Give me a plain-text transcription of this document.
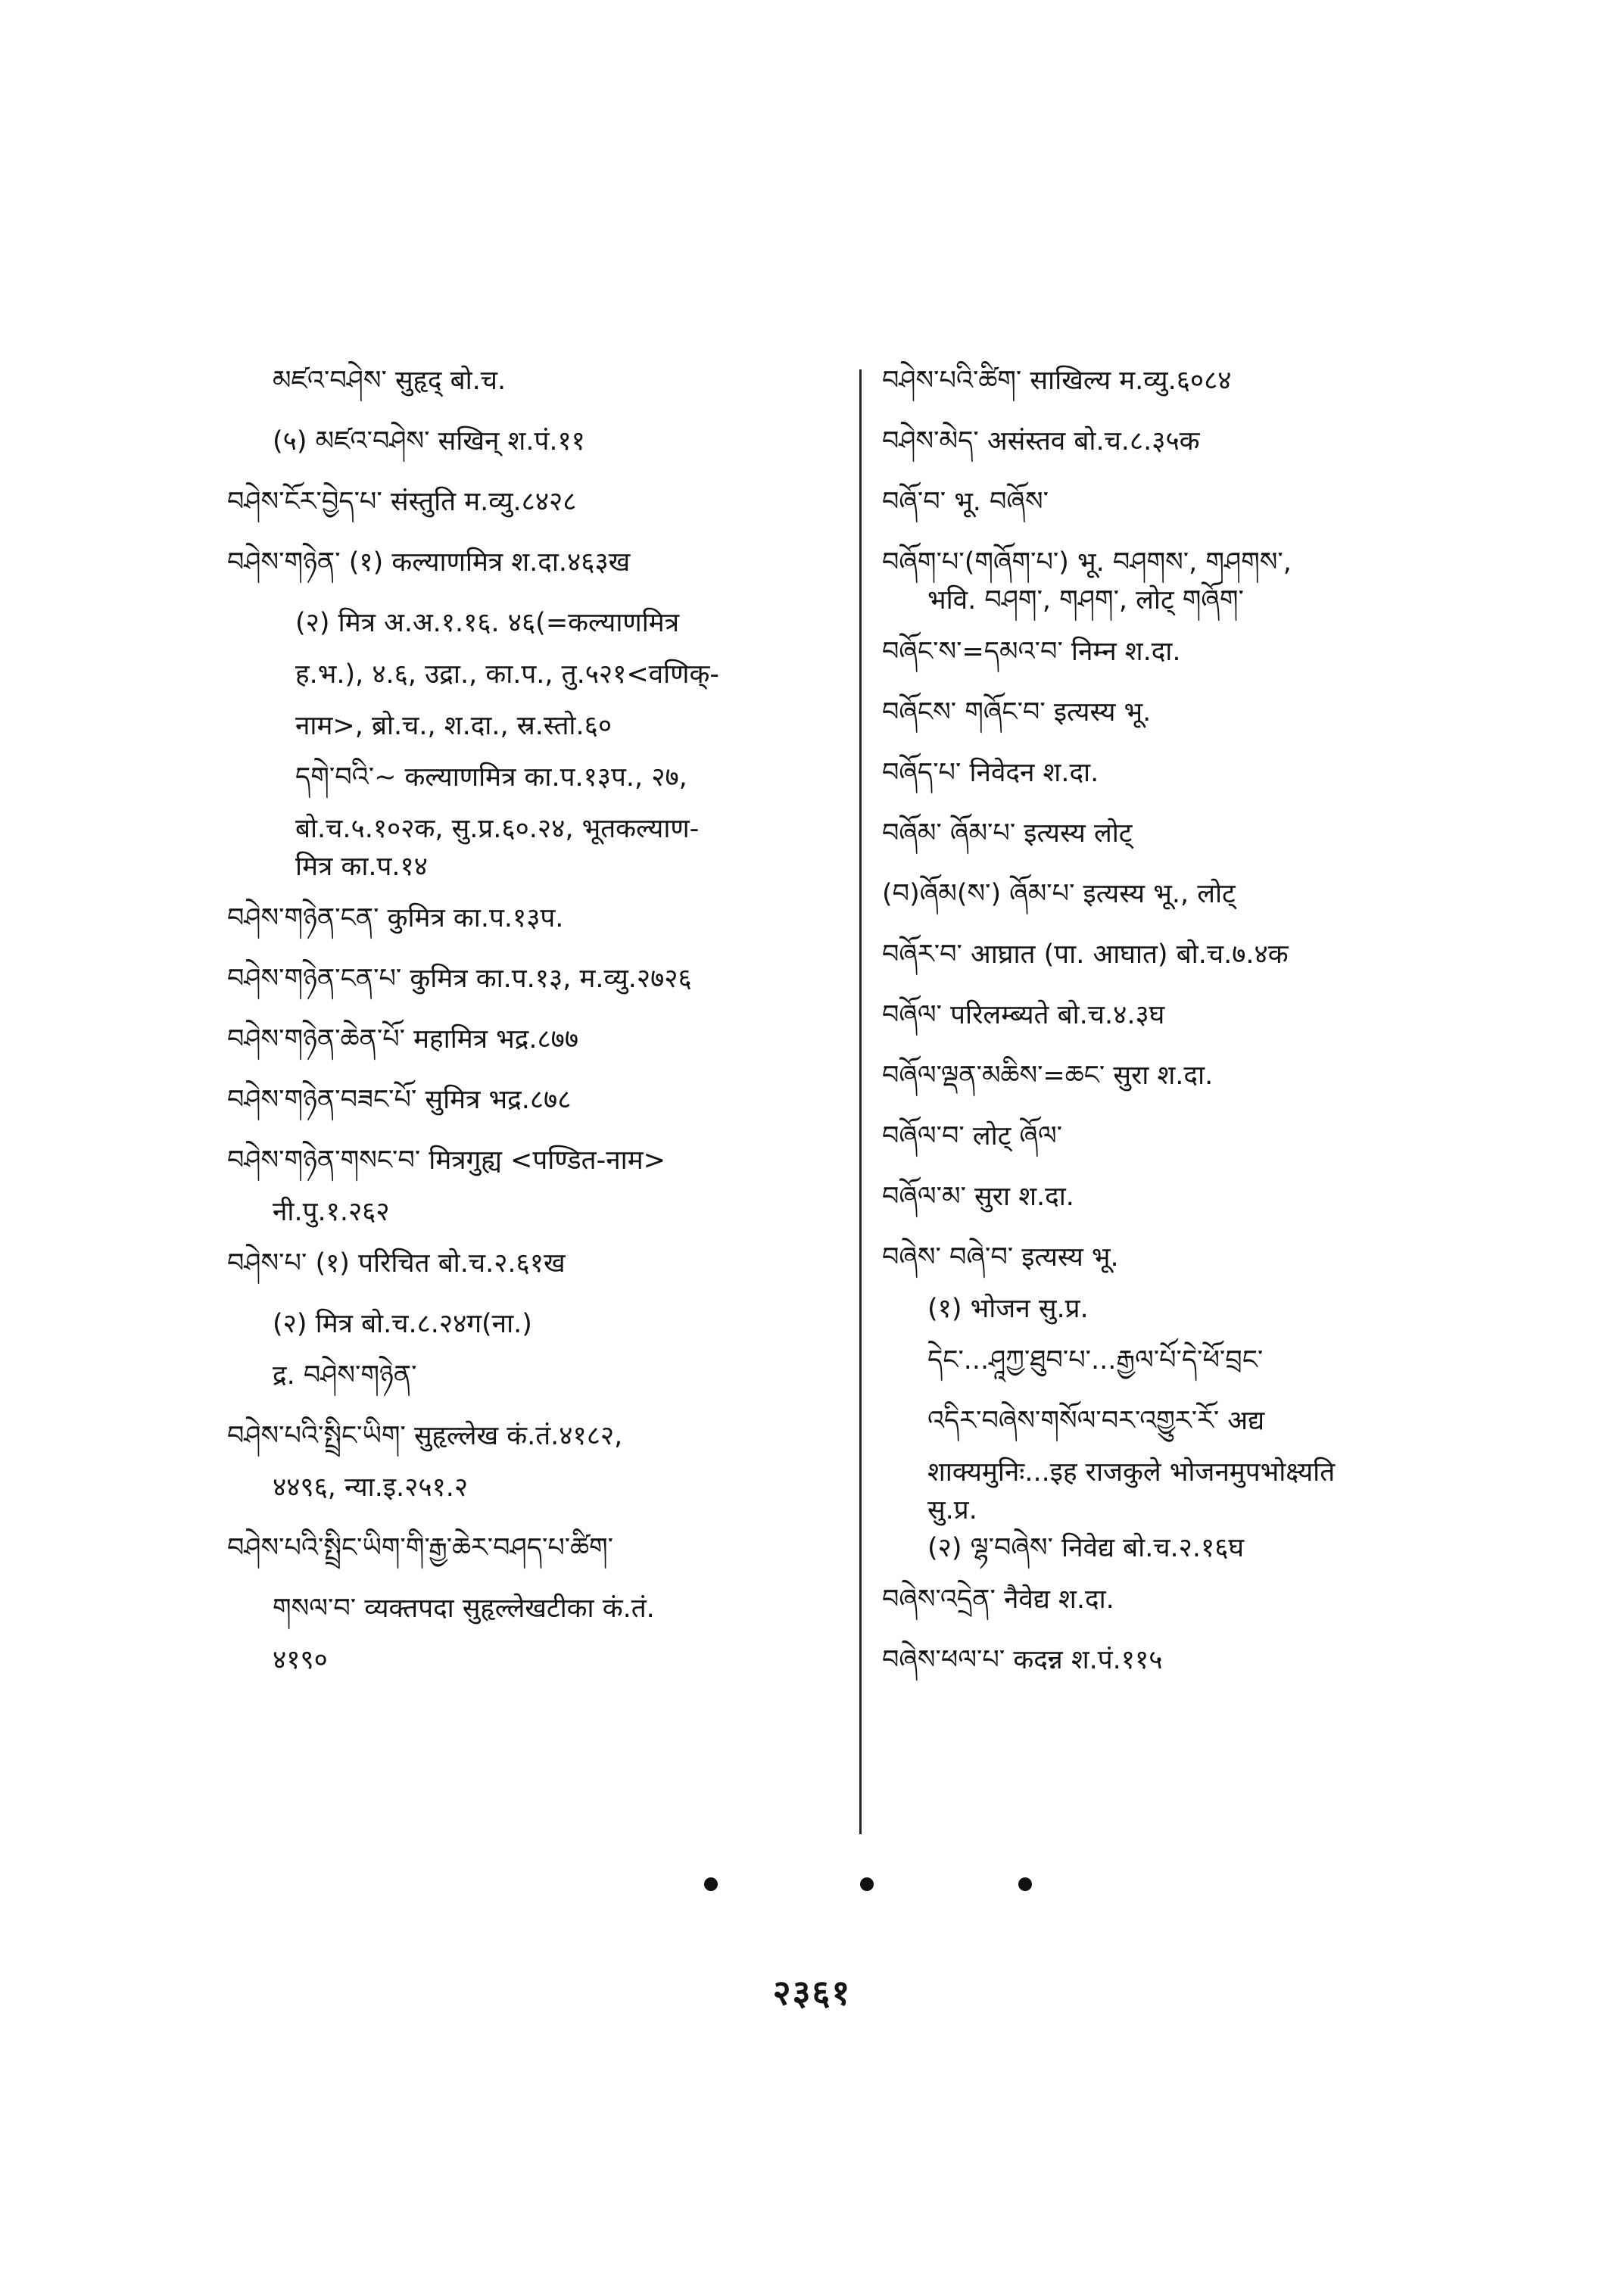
མཛའ་བཤེས་ सुहृद् बो.च.
(५) མཛའ་བཤེས་ सखिन् श.पं.११
བཤེས་ངོར་བྱེད་པ་ संस्तुति म.व्यु.८४२८
བཤེས་གཉེན་ (१) कल्याणमित्र श.दा.४६३ख
(२) मित्र अ.अ.१.१६. ४६(=कल्याणमित्र
ह.भ.), ४.६, उद्रा., का.प., तु.५२१<वणिक्-
नाम>, ब्रो.च., श.दा., स्र.स्तो.६०
དགེ་བའི་~ कल्याणमित्र का.प.१३प., २७,
बो.च.५.१०२क, सु.प्र.६०.२४, भूतकल्याण-
मित्र का.प.१४
བཤེས་གཉེན་ངན་ कुमित्र का.प.१३प.
བཤེས་གཉེན་ངན་པ་ कुमित्र का.प.१३, म.व्यु.२७२६
བཤེས་གཉེན་ཆེན་པོ་ महामित्र भद्र.८७७
བཤེས་གཉེན་བཟང་པོ་ सुमित्र भद्र.८७८
བཤེས་གཉེན་གསང་བ་ मित्रगुह्य <पण्डित-नाम>
नी.पु.१.२६२
བཤེས་པ་ (१) परिचित बो.च.२.६१ख
(२) मित्र बो.च.८.२४ग(ना.)
द्र. བཤེས་གཉེན་
བཤེས་པའི་སྤྲིང་ཡིག་ सुहृल्लेख कं.तं.४१८२,
४४९६, न्या.इ.२५१.२
བཤེས་པའི་སྤྲིང་ཡིག་གི་རྒྱ་ཆེར་བཤད་པ་ཚིག་
གསལ་བ་ व्यक्तपदा सुहृल्लेखटीका कं.तं.
४१९०
བཤེས་པའི་ཚིག་ साखिल्य म.व्यु.६०८४
བཤེས་མེད་ असंस्तव बो.च.८.३५क
བཞོ་བ་ भू. བཞོས་
བཞོག་པ་(གཞོག་པ་) भू. བཤགས་, གཤགས་,
भवि. བཤག་, གཤག་, लोट् གཞོག་
བཞོང་ས་=དམའ་བ་ निम्न श.दा.
བཞོངས་ གཞོང་བ་ इत्यस्य भू.
བཞོད་པ་ निवेदन श.दा.
བཞོམ་ ཞོམ་པ་ इत्यस्य लोट्
(བ)ཞོམ(ས་) ཞོམ་པ་ इत्यस्य भू., लोट्
བཞོར་བ་ आघ्रात (पा. आघात) बो.च.७.४क
བཞོལ་ परिलम्ब्यते बो.च.४.३घ
བཞོལ་ལྡན་མཆིས་=ཆང་ सुरा श.दा.
བཞོལ་བ་ लोट् ཞོལ་
བཞོལ་མ་ सुरा श.दा.
བཞེས་ བཞེ་བ་ इत्यस्य भू.
(१) भोजन सु.प्र.
དེང་...ཤཱཀྱ་ཐུབ་པ་...རྒྱལ་པོ་དེ་ཕོ་བྲང་
འདིར་བཞེས་གསོལ་བར་འགྱུར་རོ་ अद्य
शाक्यमुनिः...इह राजकुले भोजनमुपभोक्ष्यति
सु.प्र.
(२) ལྷ་བཞེས་ निवेद्य बो.च.२.१६घ
བཞེས་འདྲེན་ नैवेद्य श.दा.
བཞེས་ཕལ་པ་ कदन्न श.पं.११५
२३६१
